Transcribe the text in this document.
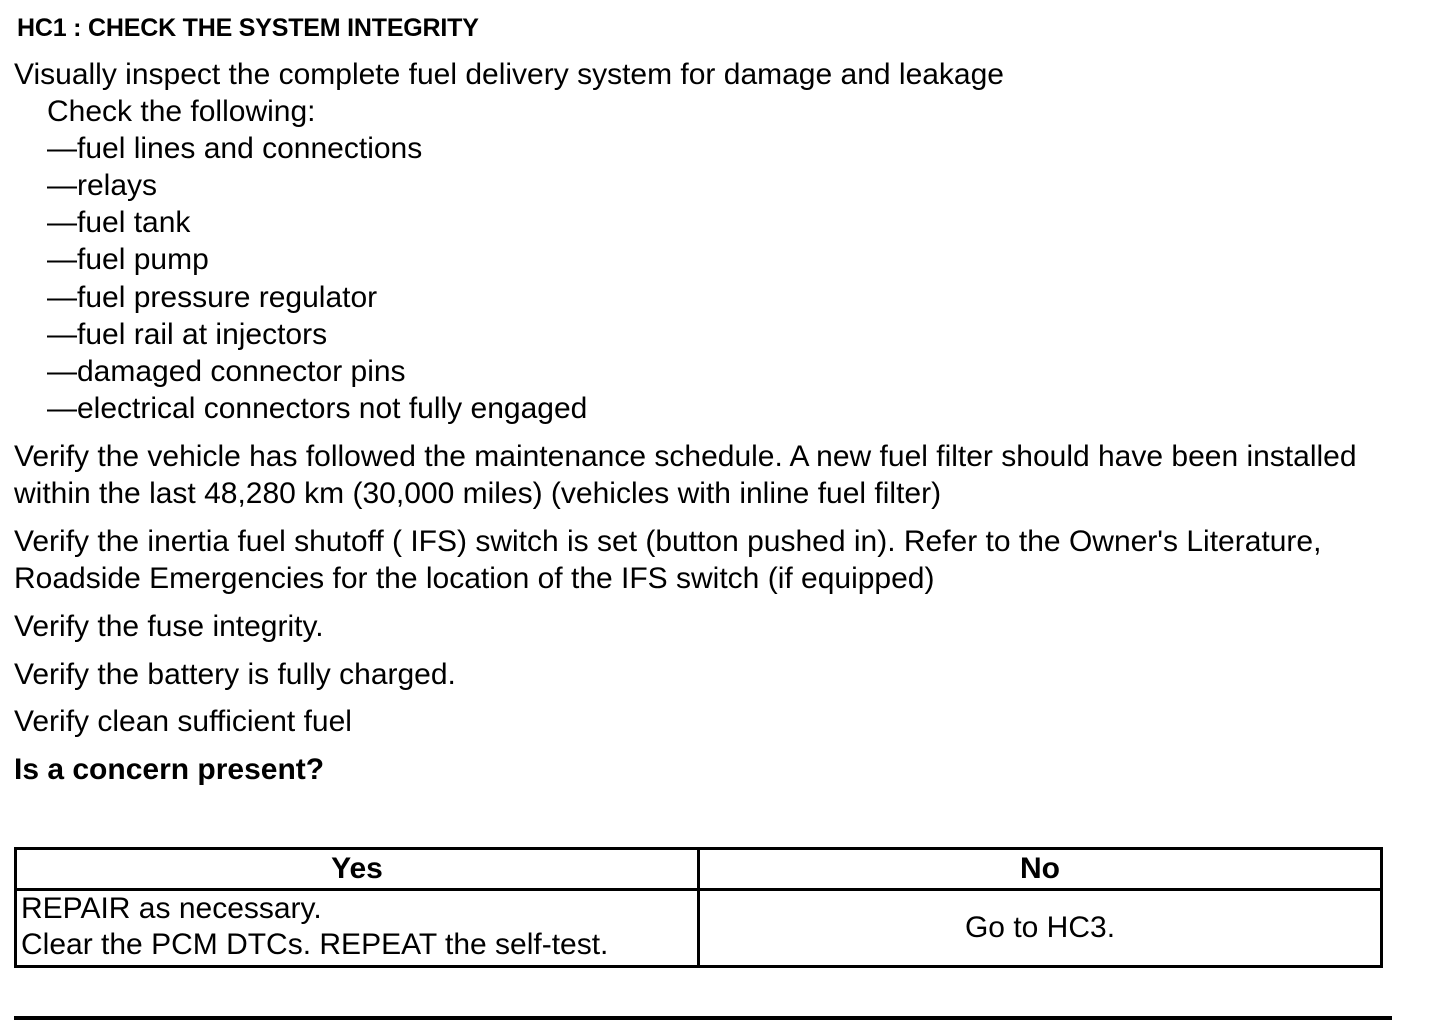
HC1 : CHECK THE SYSTEM INTEGRITY
Visually inspect the complete fuel delivery system for damage and leakage
Check the following:
—fuel lines and connections
—relays
—fuel tank
—fuel pump
—fuel pressure regulator
—fuel rail at injectors
—damaged connector pins
—electrical connectors not fully engaged
Verify the vehicle has followed the maintenance schedule. A new fuel filter should have been installed within the last 48,280 km (30,000 miles) (vehicles with inline fuel filter)
Verify the inertia fuel shutoff ( IFS) switch is set (button pushed in). Refer to the Owner's Literature, Roadside Emergencies for the location of the IFS switch (if equipped)
Verify the fuse integrity.
Verify the battery is fully charged.
Verify clean sufficient fuel
Is a concern present?
Yes	No

REPAIR as necessary.
Clear the PCM DTCs. REPEAT the self-test.	Go to HC3.
